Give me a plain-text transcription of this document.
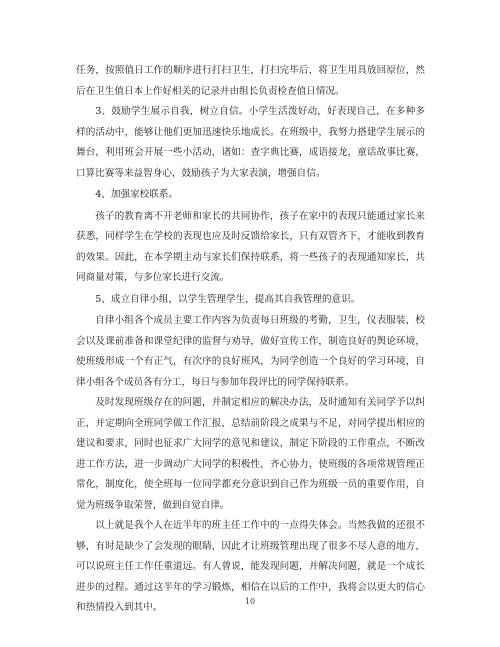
任务，按照值日工作的顺序进行打扫卫生，打扫完毕后，将卫生用具放回原位，然后在卫生值日本上作好相关的记录并由组长负责检查值日情况。

3、鼓励学生展示自我，树立自信。小学生活泼好动，好表现自己，在多种多样的活动中，能够让他们更加迅速快乐地成长。在班级中，我努力搭建学生展示的舞台，利用班会开展一些小活动，诸如：查字典比赛，成语接龙，童话故事比赛，口算比赛等来益智身心，鼓励孩子为大家表演，增强自信。

4、加强家校联系。

孩子的教育离不开老师和家长的共同协作，孩子在家中的表现只能通过家长来获悉，同样学生在学校的表现也应及时反馈给家长，只有双管齐下，才能收到教育的效果。因此，在本学期主动与家长们保持联系，将一些孩子的表现通知家长，共同商量对策，与多位家长进行交流。

5、成立自律小组，以学生管理学生，提高其自我管理的意识。

自律小组各个成员主要工作内容为负责每日班级的考勤，卫生，仪表服装，校会以及课前准备和课堂纪律的监督与劝导，做好宣传工作，制造良好的舆论环境，使班级形成一个有正气，有次序的良好班风，为同学创造一个良好的学习环境，自律小组各个成员各有分工，每日与参加年段评比的同学保持联系。

及时发现班级存在的问题，并制定相应的解决办法，及时通知有关同学予以纠正，并定期向全班同学做工作汇报，总结前阶段之成果与不足，对同学提出相应的建议和要求，同时也征求广大同学的意见和建议，制定下阶段的工作重点，不断改进工作方法，进一步调动广大同学的积极性，齐心协力，使班级的各项常规管理正常化，制度化，使全班每一位同学都充分意识到自己作为班级一员的重要作用，自觉为班级争取荣誉，做到自觉自律。

以上就是我个人在近半年的班主任工作中的一点得失体会。当然我做的还很不够，有时是缺少了会发现的眼睛，因此才让班级管理出现了很多不尽人意的地方，可以说班主任工作任重道远。有人曾说，能发现问题，并解决问题，就是一个成长进步的过程。通过这半年的学习锻炼，相信在以后的工作中，我将会以更大的信心和热情投入到其中。

10
